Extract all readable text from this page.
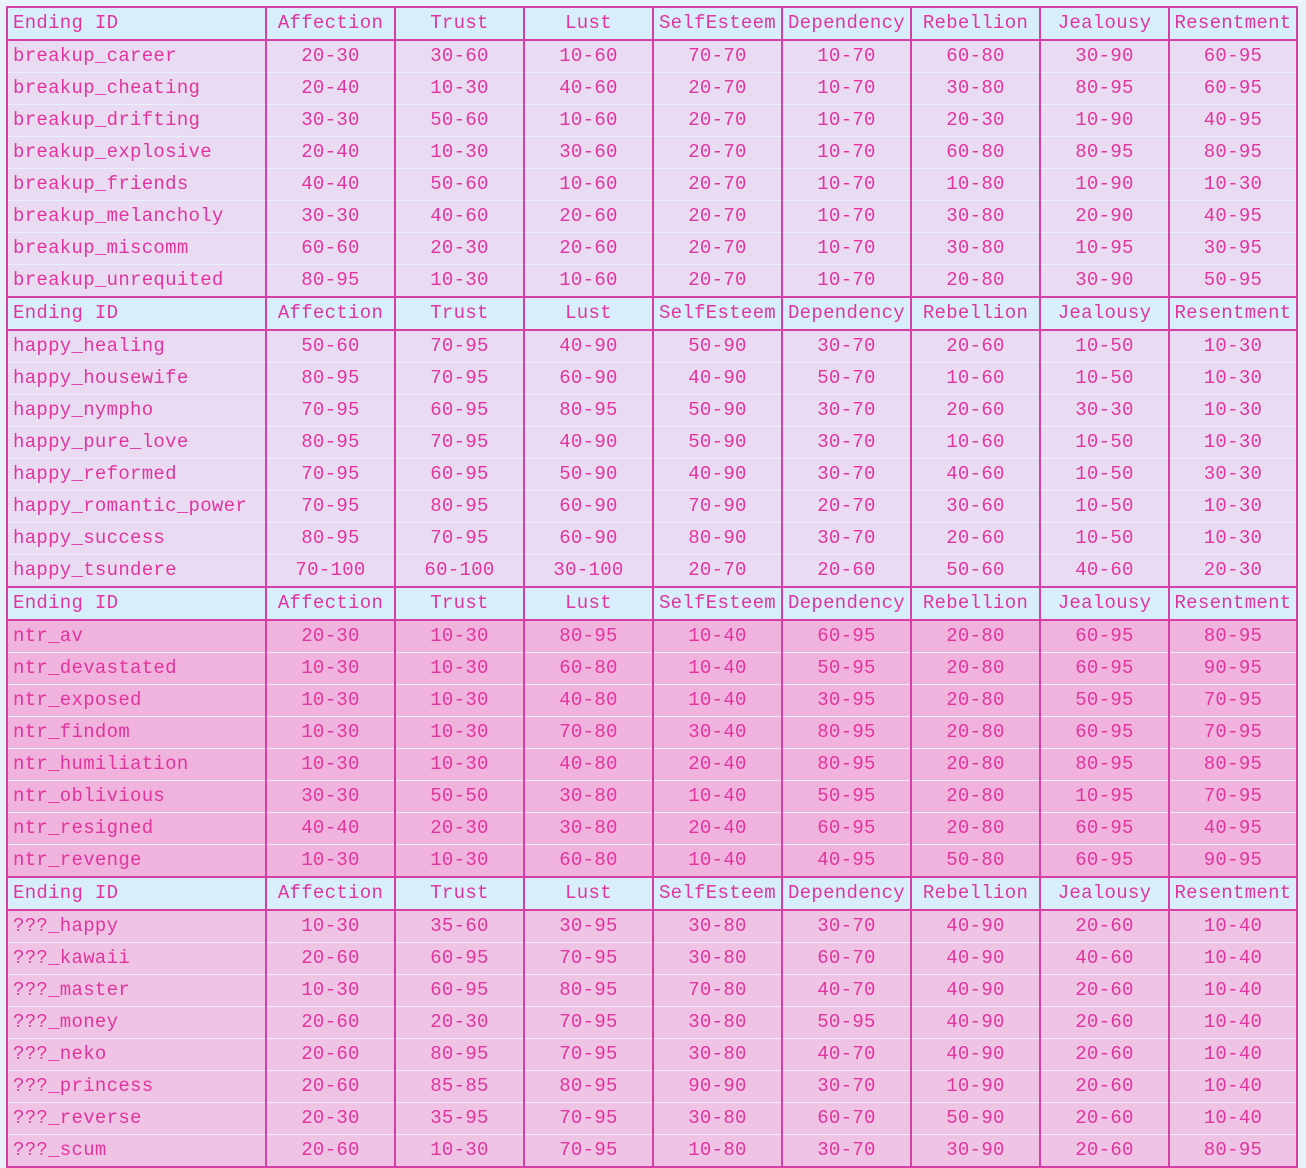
Ending ID	Affection	Trust	Lust	SelfEsteem	Dependency	Rebellion	Jealousy	Resentment
breakup_career	20-30	30-60	10-60	70-70	10-70	60-80	30-90	60-95
breakup_cheating	20-40	10-30	40-60	20-70	10-70	30-80	80-95	60-95
breakup_drifting	30-30	50-60	10-60	20-70	10-70	20-30	10-90	40-95
breakup_explosive	20-40	10-30	30-60	20-70	10-70	60-80	80-95	80-95
breakup_friends	40-40	50-60	10-60	20-70	10-70	10-80	10-90	10-30
breakup_melancholy	30-30	40-60	20-60	20-70	10-70	30-80	20-90	40-95
breakup_miscomm	60-60	20-30	20-60	20-70	10-70	30-80	10-95	30-95
breakup_unrequited	80-95	10-30	10-60	20-70	10-70	20-80	30-90	50-95
Ending ID	Affection	Trust	Lust	SelfEsteem	Dependency	Rebellion	Jealousy	Resentment
happy_healing	50-60	70-95	40-90	50-90	30-70	20-60	10-50	10-30
happy_housewife	80-95	70-95	60-90	40-90	50-70	10-60	10-50	10-30
happy_nympho	70-95	60-95	80-95	50-90	30-70	20-60	30-30	10-30
happy_pure_love	80-95	70-95	40-90	50-90	30-70	10-60	10-50	10-30
happy_reformed	70-95	60-95	50-90	40-90	30-70	40-60	10-50	30-30
happy_romantic_power	70-95	80-95	60-90	70-90	20-70	30-60	10-50	10-30
happy_success	80-95	70-95	60-90	80-90	30-70	20-60	10-50	10-30
happy_tsundere	70-100	60-100	30-100	20-70	20-60	50-60	40-60	20-30
Ending ID	Affection	Trust	Lust	SelfEsteem	Dependency	Rebellion	Jealousy	Resentment
ntr_av	20-30	10-30	80-95	10-40	60-95	20-80	60-95	80-95
ntr_devastated	10-30	10-30	60-80	10-40	50-95	20-80	60-95	90-95
ntr_exposed	10-30	10-30	40-80	10-40	30-95	20-80	50-95	70-95
ntr_findom	10-30	10-30	70-80	30-40	80-95	20-80	60-95	70-95
ntr_humiliation	10-30	10-30	40-80	20-40	80-95	20-80	80-95	80-95
ntr_oblivious	30-30	50-50	30-80	10-40	50-95	20-80	10-95	70-95
ntr_resigned	40-40	20-30	30-80	20-40	60-95	20-80	60-95	40-95
ntr_revenge	10-30	10-30	60-80	10-40	40-95	50-80	60-95	90-95
Ending ID	Affection	Trust	Lust	SelfEsteem	Dependency	Rebellion	Jealousy	Resentment
???_happy	10-30	35-60	30-95	30-80	30-70	40-90	20-60	10-40
???_kawaii	20-60	60-95	70-95	30-80	60-70	40-90	40-60	10-40
???_master	10-30	60-95	80-95	70-80	40-70	40-90	20-60	10-40
???_money	20-60	20-30	70-95	30-80	50-95	40-90	20-60	10-40
???_neko	20-60	80-95	70-95	30-80	40-70	40-90	20-60	10-40
???_princess	20-60	85-85	80-95	90-90	30-70	10-90	20-60	10-40
???_reverse	20-30	35-95	70-95	30-80	60-70	50-90	20-60	10-40
???_scum	20-60	10-30	70-95	10-80	30-70	30-90	20-60	80-95
